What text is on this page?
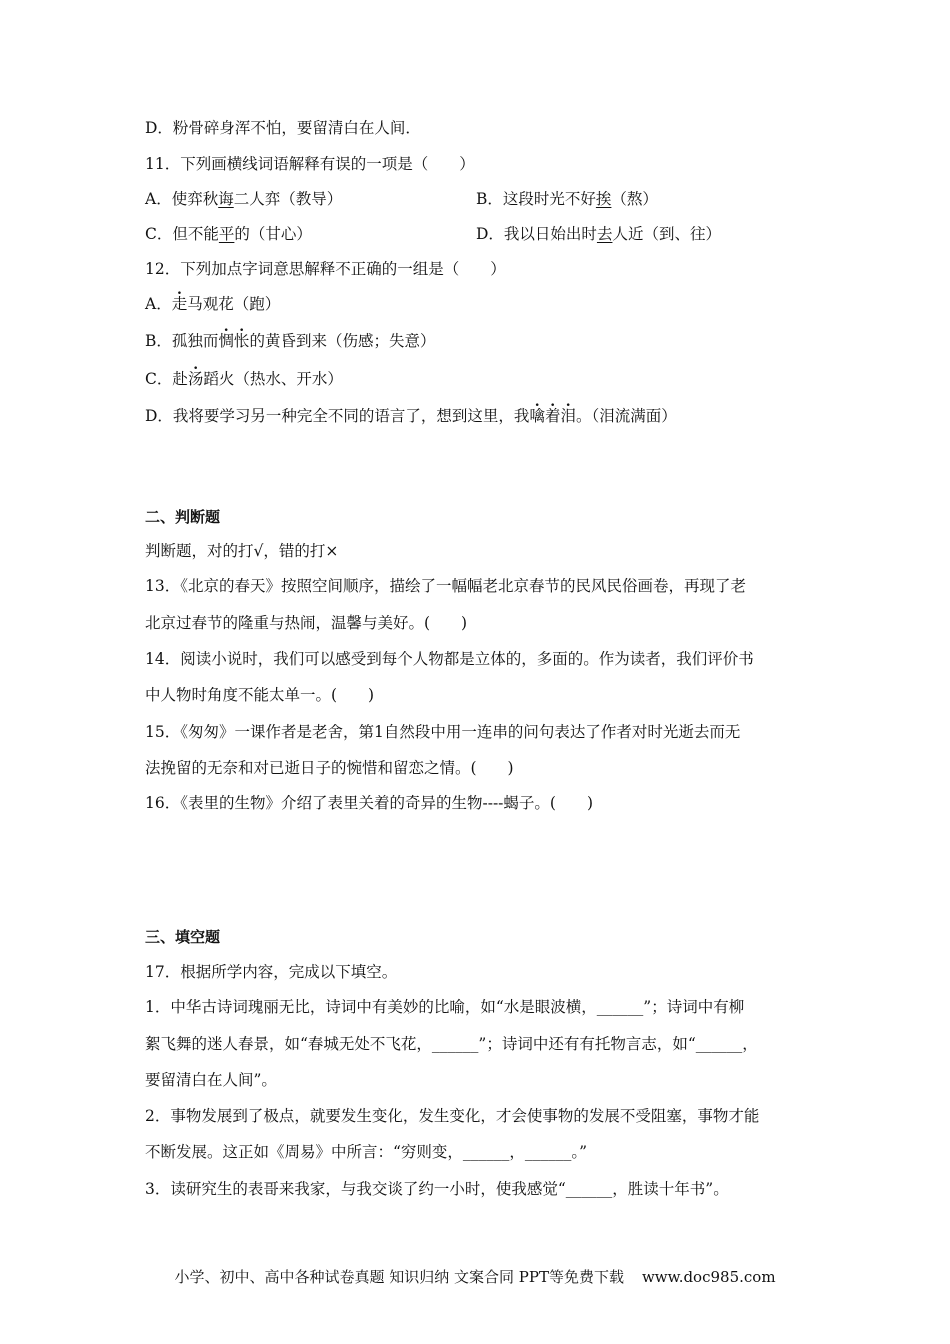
D．粉骨碎身浑不怕，要留清白在人间．
11．下列画横线词语解释有误的一项是（　　）
A．使弈秋诲二人弈（教导）	B．这段时光不好挨（熬）
C．但不能平的（甘心）	D．我以日始出时去人近（到、往）
12．下列加点字词意思解释不正确的一组是（　　）
A．走马观花（跑）
B．孤独而惆怅的黄昏到来（伤感；失意）
C．赴汤蹈火（热水、开水）
D．我将要学习另一种完全不同的语言了，想到这里，我噙着泪。（泪流满面）
二、判断题
判断题，对的打√，错的打×
13．《北京的春天》按照空间顺序，描绘了一幅幅老北京春节的民风民俗画卷，再现了老
北京过春节的隆重与热闹，温馨与美好。(　　)
14．阅读小说时，我们可以感受到每个人物都是立体的，多面的。作为读者，我们评价书
中人物时角度不能太单一。(　　)
15．《匆匆》一课作者是老舍，第1自然段中用一连串的问句表达了作者对时光逝去而无
法挽留的无奈和对已逝日子的惋惜和留恋之情。(　　)
16．《表里的生物》介绍了表里关着的奇异的生物----蝎子。(　　)
三、填空题
17．根据所学内容，完成以下填空。
1．中华古诗词瑰丽无比，诗词中有美妙的比喻，如“水是眼波横，______”；诗词中有柳
絮飞舞的迷人春景，如“春城无处不飞花，______”；诗词中还有有托物言志，如“______，
要留清白在人间”。
2．事物发展到了极点，就要发生变化，发生变化，才会使事物的发展不受阻塞，事物才能
不断发展。这正如《周易》中所言：“穷则变，______，______。”
3．读研究生的表哥来我家，与我交谈了约一小时，使我感觉“______，胜读十年书”。
小学、初中、高中各种试卷真题 知识归纳 文案合同 PPT等免费下载 www.doc985.com
